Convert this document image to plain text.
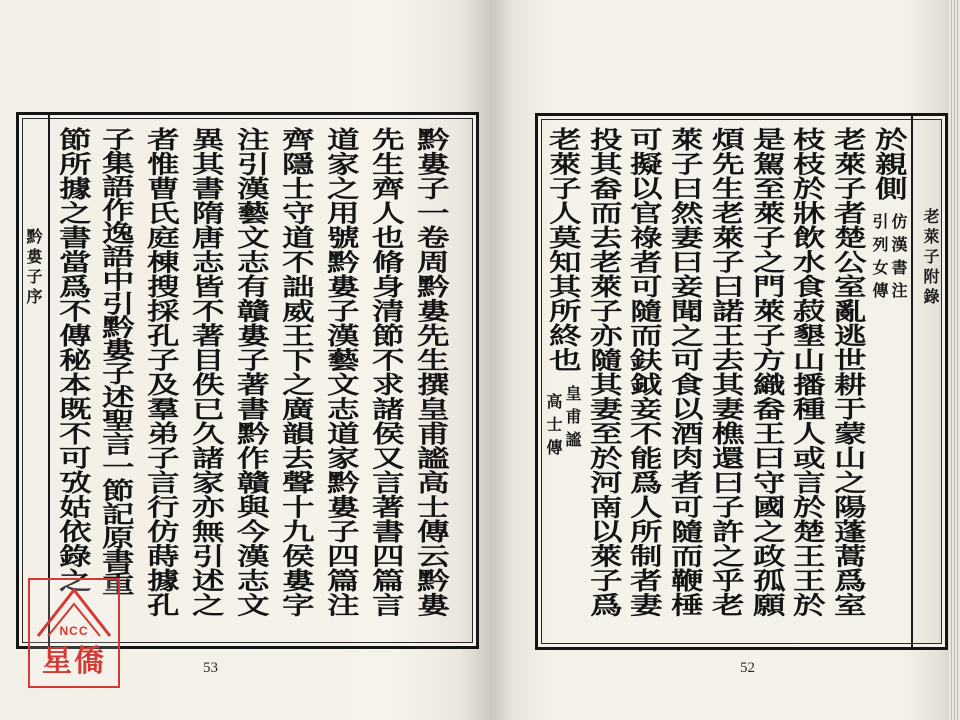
黔婁子序	黔婁子一卷周黔婁先生撰皇甫謐高士傳云黔婁
先生齊人也脩身清節不求諸侯又言著書四篇言
道家之用號黔婁子漢藝文志道家黔婁子四篇注
齊隱士守道不詘威王下之廣韻去聲十九侯婁字
注引漢藝文志有贛婁子著書黔作贛與今漢志文
異其書隋唐志皆不著目佚已久諸家亦無引述之
者惟曹氏庭棟搜採孔子及羣弟子言行仿蒔據孔
子集語作逸語中引黔婁子述聖言一節記原書重
節所據之書當爲不傳秘本既不可攷姑依錄之
53
老萊子附錄
於親側
仿漢書注
引列女傳
老萊子者楚公室亂逃世耕于蒙山之陽蓬蒿爲室
枝枝於牀飲水食菽墾山播種人或言於楚王王於
是駕至萊子之門萊子方織畚王曰守國之政孤願
煩先生老萊子曰諾王去其妻樵還曰子許之乎老
萊子曰然妻曰妾聞之可食以酒肉者可隨而鞭棰
可擬以官祿者可隨而鈇鉞妾不能爲人所制者妻
投其畚而去老萊子亦隨其妻至於河南以萊子爲
老萊子人莫知其所終也
皇甫謐
高士傳
52
NCC
星僑
